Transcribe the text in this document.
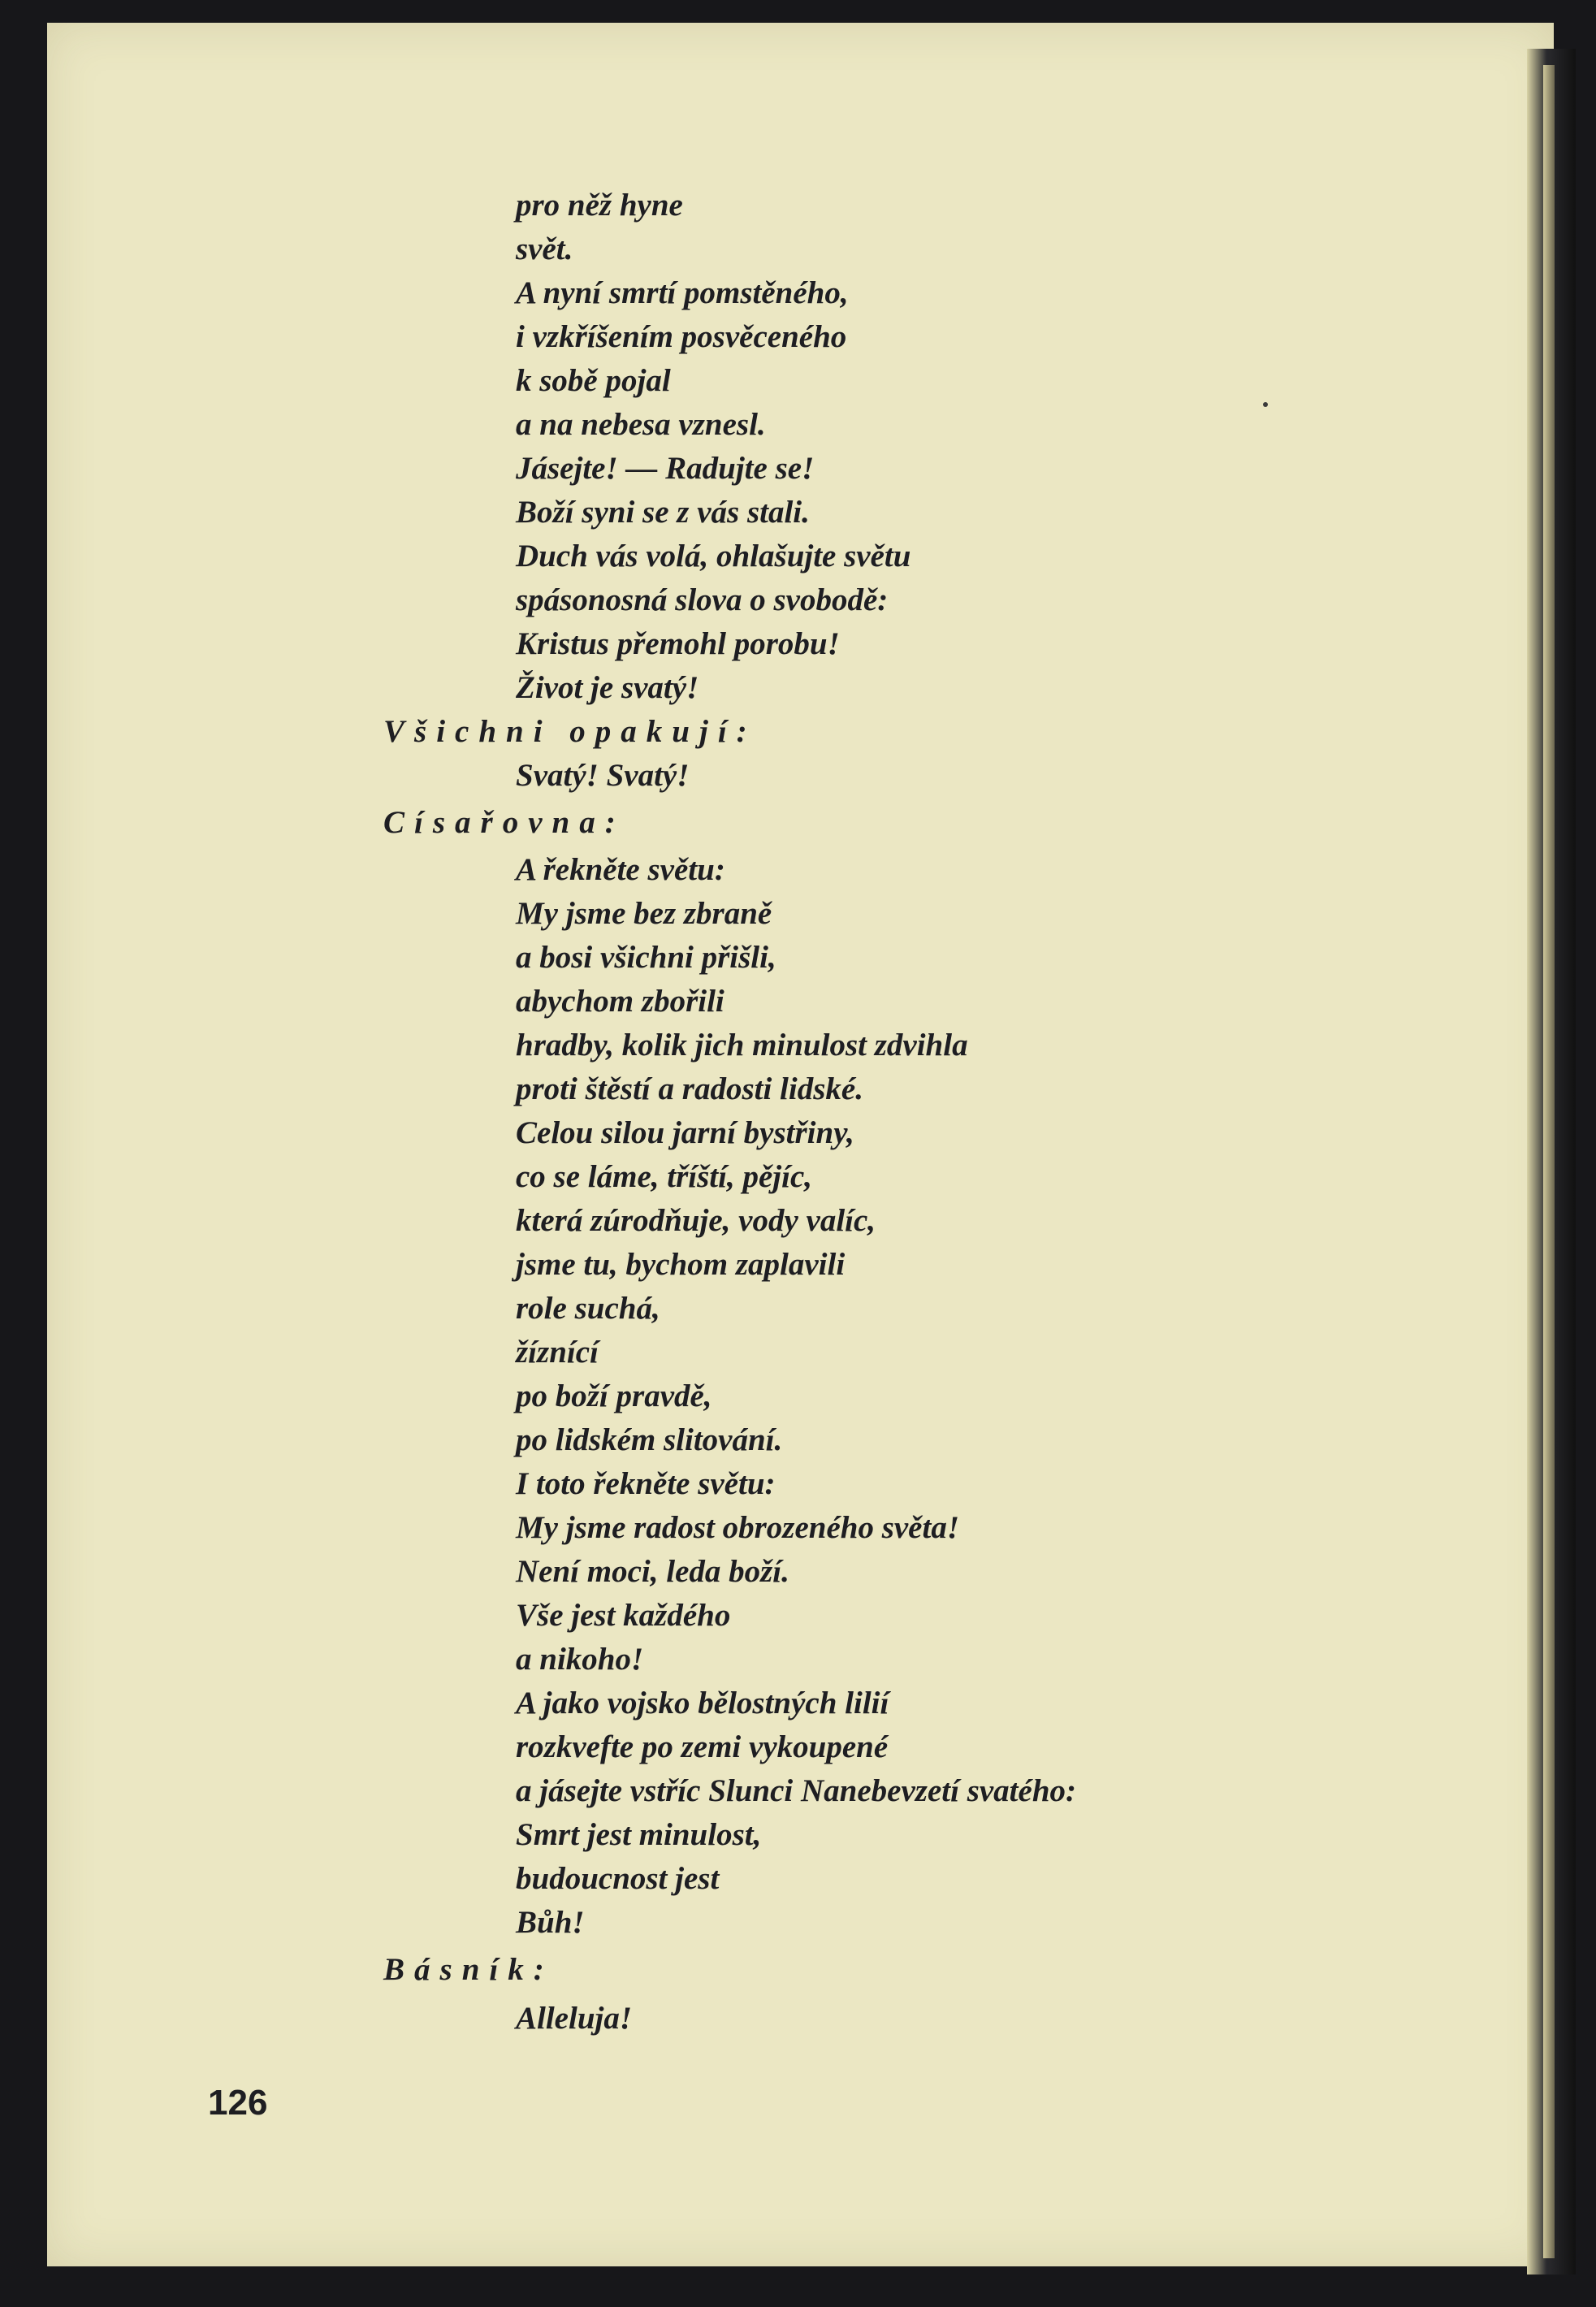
pro něž hyne
svět.
A nyní smrtí pomstěného,
i vzkříšením posvěceného
k sobě pojal
a na nebesa vznesl.
Jásejte! — Radujte se!
Boží syni se z vás stali.
Duch vás volá, ohlašujte světu
spásonosná slova o svobodě:
Kristus přemohl porobu!
Život je svatý!
Všichni opakují:
Svatý! Svatý!
Císařovna:
A řekněte světu:
My jsme bez zbraně
a bosi všichni přišli,
abychom zbořili
hradby, kolik jich minulost zdvihla
proti štěstí a radosti lidské.
Celou silou jarní bystřiny,
co se láme, tříští, pějíc,
která zúrodňuje, vody valíc,
jsme tu, bychom zaplavili
role suchá,
žíznící
po boží pravdě,
po lidském slitování.
I toto řekněte světu:
My jsme radost obrozeného světa!
Není moci, leda boží.
Vše jest každého
a nikoho!
A jako vojsko bělostných lilií
rozkvefte po zemi vykoupené
a jásejte vstříc Slunci Nanebevzetí svatého:
Smrt jest minulost,
budoucnost jest
Bůh!
Básník:
Alleluja!
126
